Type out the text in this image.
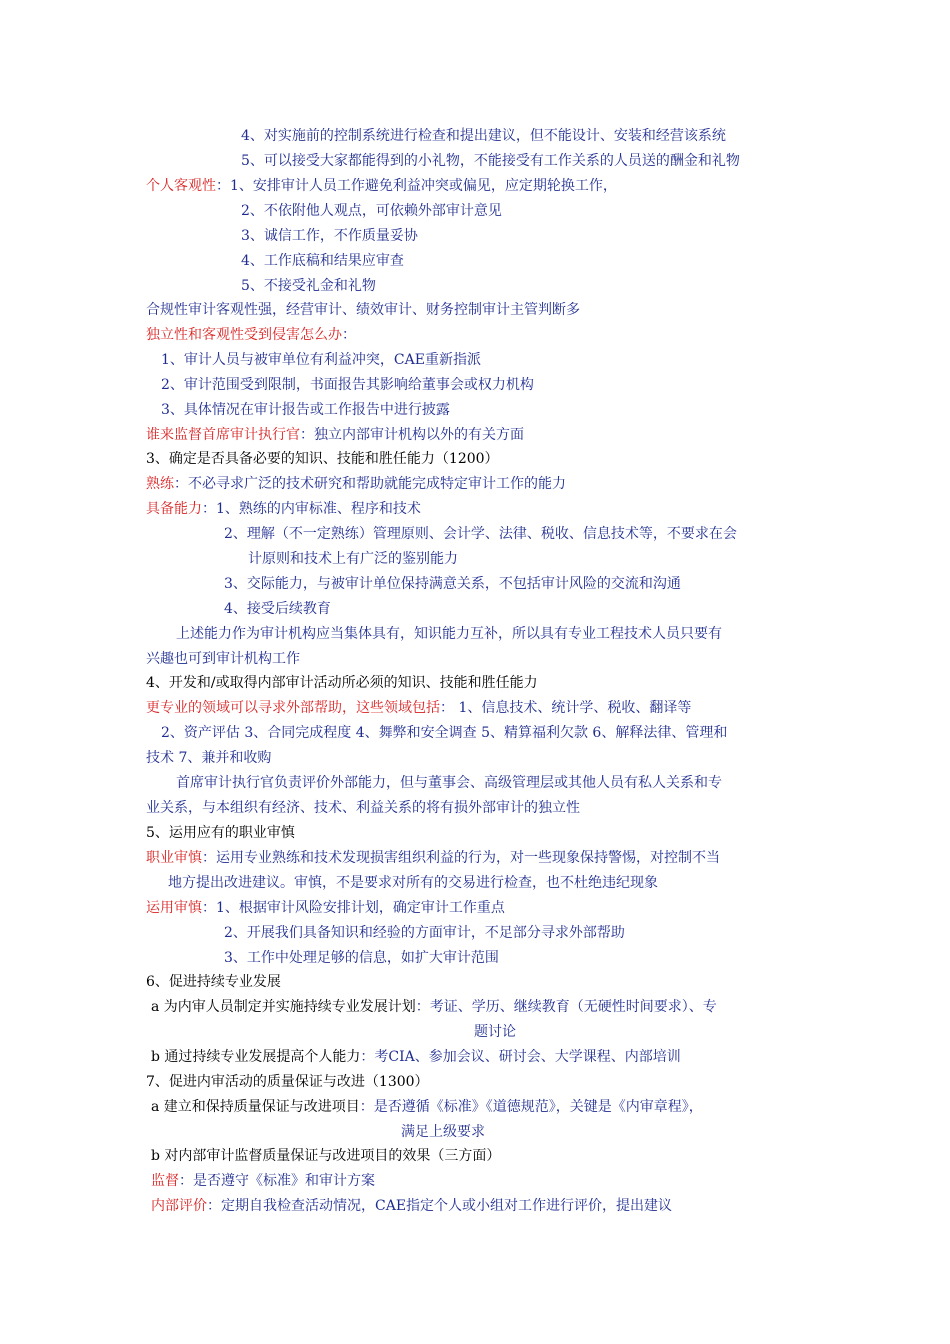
4、对实施前的控制系统进行检查和提出建议，但不能设计、安装和经营该系统
5、可以接受大家都能得到的小礼物，不能接受有工作关系的人员送的酬金和礼物
个人客观性：1、安排审计人员工作避免利益冲突或偏见，应定期轮换工作，
2、不依附他人观点，可依赖外部审计意见
3、诚信工作，不作质量妥协
4、工作底稿和结果应审查
5、不接受礼金和礼物
合规性审计客观性强，经营审计、绩效审计、财务控制审计主管判断多
独立性和客观性受到侵害怎么办：
1、审计人员与被审单位有利益冲突，CAE重新指派
2、审计范围受到限制，书面报告其影响给董事会或权力机构
3、具体情况在审计报告或工作报告中进行披露
谁来监督首席审计执行官：独立内部审计机构以外的有关方面
3、确定是否具备必要的知识、技能和胜任能力（1200）
熟练：不必寻求广泛的技术研究和帮助就能完成特定审计工作的能力
具备能力：1、熟练的内审标准、程序和技术
2、理解（不一定熟练）管理原则、会计学、法律、税收、信息技术等，不要求在会
计原则和技术上有广泛的鉴别能力
3、交际能力，与被审计单位保持满意关系，不包括审计风险的交流和沟通
4、接受后续教育
上述能力作为审计机构应当集体具有，知识能力互补，所以具有专业工程技术人员只要有
兴趣也可到审计机构工作
4、开发和/或取得内部审计活动所必须的知识、技能和胜任能力
更专业的领域可以寻求外部帮助，这些领域包括： 1、信息技术、统计学、税收、翻译等
2、资产评估 3、合同完成程度 4、舞弊和安全调查 5、精算福利欠款 6、解释法律、管理和
技术 7、兼并和收购
首席审计执行官负责评价外部能力，但与董事会、高级管理层或其他人员有私人关系和专
业关系，与本组织有经济、技术、利益关系的将有损外部审计的独立性
5、运用应有的职业审慎
职业审慎：运用专业熟练和技术发现损害组织利益的行为，对一些现象保持警惕，对控制不当
地方提出改进建议。审慎，不是要求对所有的交易进行检查，也不杜绝违纪现象
运用审慎：1、根据审计风险安排计划，确定审计工作重点
2、开展我们具备知识和经验的方面审计，不足部分寻求外部帮助
3、工作中处理足够的信息，如扩大审计范围
6、促进持续专业发展
a 为内审人员制定并实施持续专业发展计划：考证、学历、继续教育（无硬性时间要求）、专
题讨论
b 通过持续专业发展提高个人能力：考CIA、参加会议、研讨会、大学课程、内部培训
7、促进内审活动的质量保证与改进（1300）
a 建立和保持质量保证与改进项目：是否遵循《标准》《道德规范》，关键是《内审章程》，
满足上级要求
b 对内部审计监督质量保证与改进项目的效果（三方面）
监督：是否遵守《标准》和审计方案
内部评价：定期自我检查活动情况，CAE指定个人或小组对工作进行评价，提出建议
